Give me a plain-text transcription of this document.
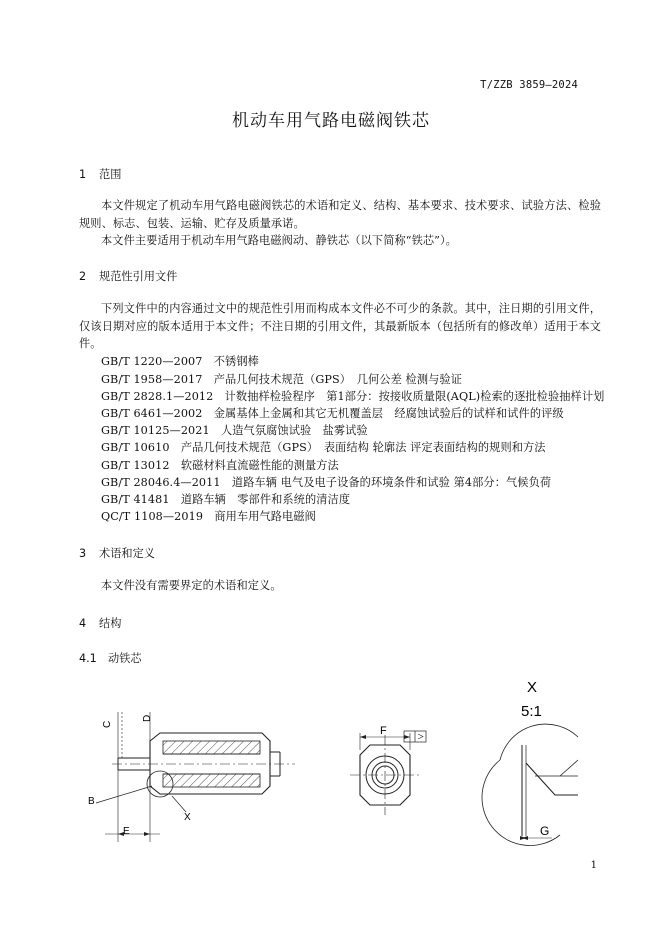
T/ZZB 3859—2024
机动车用气路电磁阀铁芯
1 范围
本文件规定了机动车用气路电磁阀铁芯的术语和定义、结构、基本要求、技术要求、试验方法、检验规则、标志、包装、运输、贮存及质量承诺。
本文件主要适用于机动车用气路电磁阀动、静铁芯（以下简称“铁芯”）。
2 规范性引用文件
下列文件中的内容通过文中的规范性引用而构成本文件必不可少的条款。其中，注日期的引用文件，仅该日期对应的版本适用于本文件；不注日期的引用文件，其最新版本（包括所有的修改单）适用于本文件。
GB/T 1220—2007　不锈钢棒
GB/T 1958—2017　产品几何技术规范（GPS）　几何公差 检测与验证
GB/T 2828.1—2012　计数抽样检验程序　第1部分：按接收质量限(AQL)检索的逐批检验抽样计划
GB/T 6461—2002　金属基体上金属和其它无机覆盖层　经腐蚀试验后的试样和试件的评级
GB/T 10125—2021　人造气氛腐蚀试验　盐雾试验
GB/T 10610　产品几何技术规范（GPS）　表面结构 轮廓法 评定表面结构的规则和方法
GB/T 13012　软磁材料直流磁性能的测量方法
GB/T 28046.4—2011　道路车辆 电气及电子设备的环境条件和试验 第4部分：气候负荷
GB/T 41481　道路车辆　零部件和系统的清洁度
QC/T 1108—2019　商用车用气路电磁阀
3 术语和定义
本文件没有需要界定的术语和定义。
4 结构
4.1 动铁芯
C
D
B
E
X
F
X
5:1
G
1
